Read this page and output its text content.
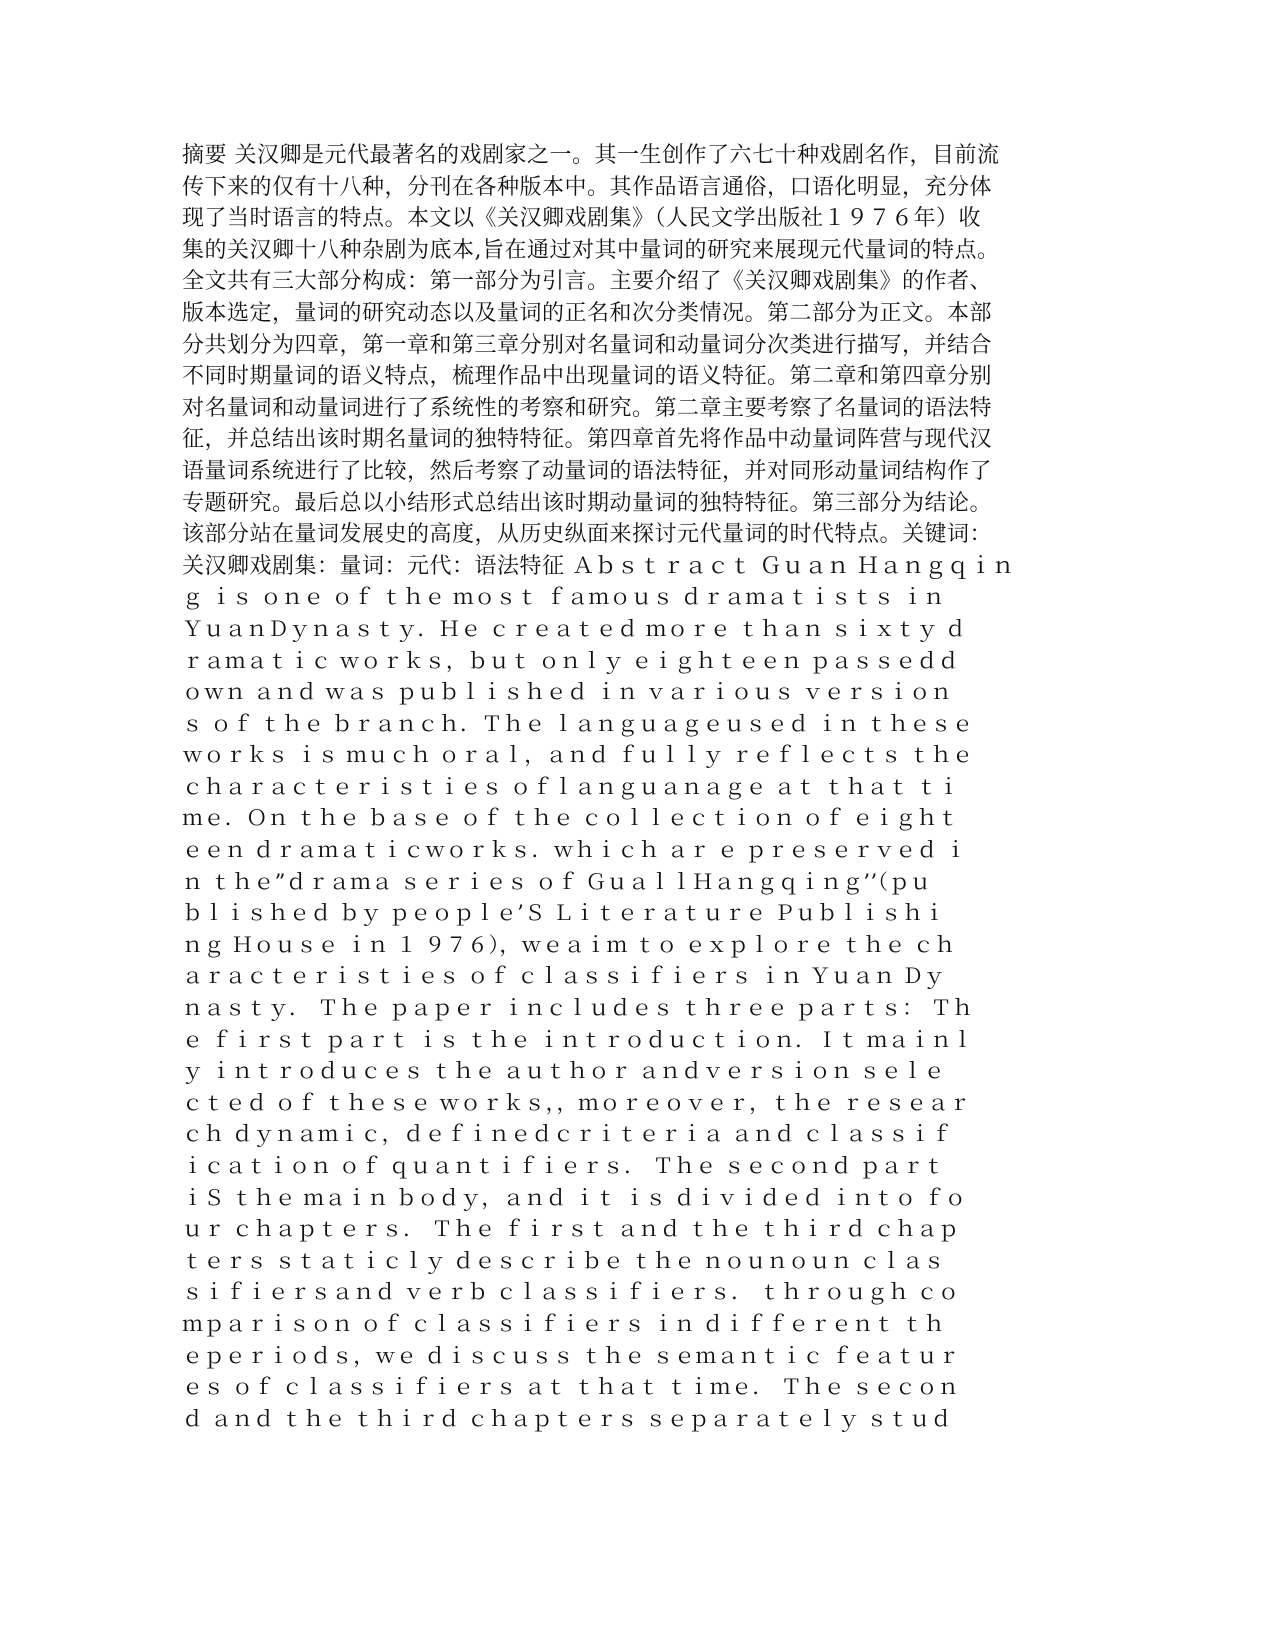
摘要 关汉卿是元代最著名的戏剧家之一。其一生创作了六七十种戏剧名作，目前流
传下来的仅有十八种，分刊在各种版本中。其作品语言通俗，口语化明显，充分体
现了当时语言的特点。本文以《关汉卿戏剧集》（人民文学出版社１９７６年）收
集的关汉卿十八种杂剧为底本,旨在通过对其中量词的研究来展现元代量词的特点。
全文共有三大部分构成：第一部分为引言。主要介绍了《关汉卿戏剧集》的作者、
版本选定，量词的研究动态以及量词的正名和次分类情况。第二部分为正文。本部
分共划分为四章，第一章和第三章分别对名量词和动量词分次类进行描写，并结合
不同时期量词的语义特点，梳理作品中出现量词的语义特征。第二章和第四章分别
对名量词和动量词进行了系统性的考察和研究。第二章主要考察了名量词的语法特
征，并总结出该时期名量词的独特特征。第四章首先将作品中动量词阵营与现代汉
语量词系统进行了比较，然后考察了动量词的语法特征，并对同形动量词结构作了
专题研究。最后总以小结形式总结出该时期动量词的独特特征。第三部分为结论。
该部分站在量词发展史的高度，从历史纵面来探讨元代量词的时代特点。关键词：
关汉卿戏剧集：量词：元代：语法特征 Ａｂｓｔｒａｃｔ Ｇｕａｎ Ｈａｎｇｑｉｎ
ｇ ｉｓ ｏｎｅ ｏｆ ｔｈｅ ｍｏｓｔ ｆａｍｏｕｓ ｄｒａｍａｔｉｓｔｓ ｉｎ
ＹｕａｎＤｙｎａｓｔｙ．Ｈｅ ｃｒｅａｔｅｄ ｍｏｒｅ ｔｈａｎ ｓｉｘｔｙ ｄ
ｒａｍａｔｉｃ ｗｏｒｋｓ，ｂｕｔ ｏｎｌｙ ｅｉｇｈｔｅｅｎ ｐａｓｓｅｄｄ
ｏｗｎ ａｎｄ ｗａｓ ｐｕｂｌｉｓｈｅｄ ｉｎ ｖａｒｉｏｕｓ ｖｅｒｓｉｏｎ
ｓ ｏｆ ｔｈｅ ｂｒａｎｃｈ．Ｔｈｅ ｌａｎｇｕａｇｅｕｓｅｄ ｉｎ ｔｈｅｓｅ
ｗｏｒｋｓ ｉｓ ｍｕｃｈ ｏｒａｌ，ａｎｄ ｆｕｌｌｙ ｒｅｆｌｅｃｔｓ ｔｈｅ
ｃｈａｒａｃｔｅｒｉｓｔｉｅｓ ｏｆｌａｎｇｕａｎａｇｅ ａｔ ｔｈａｔ ｔｉ
ｍｅ．Ｏｎ ｔｈｅ ｂａｓｅ ｏｆ ｔｈｅ ｃｏｌｌｅｃｔｉｏｎ ｏｆ ｅｉｇｈｔ
ｅｅｎ ｄｒａｍａｔｉｃｗｏｒｋｓ．ｗｈｉｃｈ ａｒ ｅ ｐｒｅｓｅｒｖｅｄ ｉ
ｎ ｔｈｅ”ｄｒａｍａ ｓｅｒｉｅｓ ｏｆ ＧｕａｌｌＨａｎｇｑｉｎｇ’’（ｐｕ
ｂｌｉｓｈｅｄ ｂｙ ｐｅｏｐｌｅ’Ｓ Ｌｉｔｅｒａｔｕｒｅ Ｐｕｂｌｉｓｈｉ
ｎｇ Ｈｏｕｓｅ ｉｎ １ ９７６），ｗｅａｉｍ ｔｏ ｅｘｐｌｏｒｅ ｔｈｅ ｃｈ
ａｒａｃｔｅｒｉｓｔｉｅｓ ｏｆ ｃｌａｓｓｉｆｉｅｒｓ ｉｎ Ｙｕａｎ Ｄｙ
ｎａｓｔｙ． Ｔｈｅ ｐａｐｅｒ ｉｎｃｌｕｄｅｓ ｔｈｒｅｅ ｐａｒｔｓ： Ｔｈ
ｅ ｆｉｒｓｔ ｐａｒｔ ｉｓ ｔｈｅ ｉｎｔｒｏｄｕｃｔｉｏｎ．Ｉｔ ｍａｉｎｌ
ｙ ｉｎｔｒｏｄｕｃｅｓ ｔｈｅ ａｕｔｈｏｒ ａｎｄｖｅｒｓｉｏｎ ｓｅｌｅ
ｃｔｅｄ ｏｆ ｔｈｅｓｅ ｗｏｒｋｓ，，ｍｏｒｅｏｖｅｒ，ｔｈｅ ｒｅｓｅａｒ
ｃｈ ｄｙｎａｍｉｃ，ｄｅｆｉｎｅｄｃｒｉｔｅｒｉａ ａｎｄ ｃｌａｓｓｉｆ
ｉｃａｔｉｏｎ ｏｆ ｑｕａｎｔｉｆｉｅｒｓ． Ｔｈｅ ｓｅｃｏｎｄ ｐａｒｔ
ｉＳ ｔｈｅ ｍａｉｎ ｂｏｄｙ，ａｎｄ ｉｔ ｉｓ ｄｉｖｉｄｅｄ ｉｎｔｏ ｆｏ
ｕｒ ｃｈａｐｔｅｒｓ． Ｔｈｅ ｆｉｒｓｔ ａｎｄ ｔｈｅ ｔｈｉｒｄ ｃｈａｐ
ｔｅｒｓ ｓｔａｔｉｃｌｙ ｄｅｓｃｒｉｂｅ ｔｈｅ ｎｏｕｎｏｕｎ ｃｌａｓ
ｓｉｆｉｅｒｓａｎｄ ｖｅｒｂ ｃｌａｓｓｉｆｉｅｒｓ． ｔｈｒｏｕｇｈ ｃｏ
ｍｐａｒｉｓｏｎ ｏｆ ｃｌａｓｓｉｆｉｅｒｓ ｉｎ ｄｉｆｆｅｒｅｎｔ ｔｈ
ｅｐｅｒｉｏｄｓ，ｗｅ ｄｉｓｃｕｓｓ ｔｈｅ ｓｅｍａｎｔｉｃ ｆｅａｔｕｒ
ｅｓ ｏｆ ｃｌａｓｓｉｆｉｅｒｓ ａｔ ｔｈａｔ ｔｉｍｅ． Ｔｈｅ ｓｅｃｏｎ
ｄ ａｎｄ ｔｈｅ ｔｈｉｒｄ ｃｈａｐｔｅｒｓ ｓｅｐａｒａｔｅｌｙ ｓｔｕｄ
